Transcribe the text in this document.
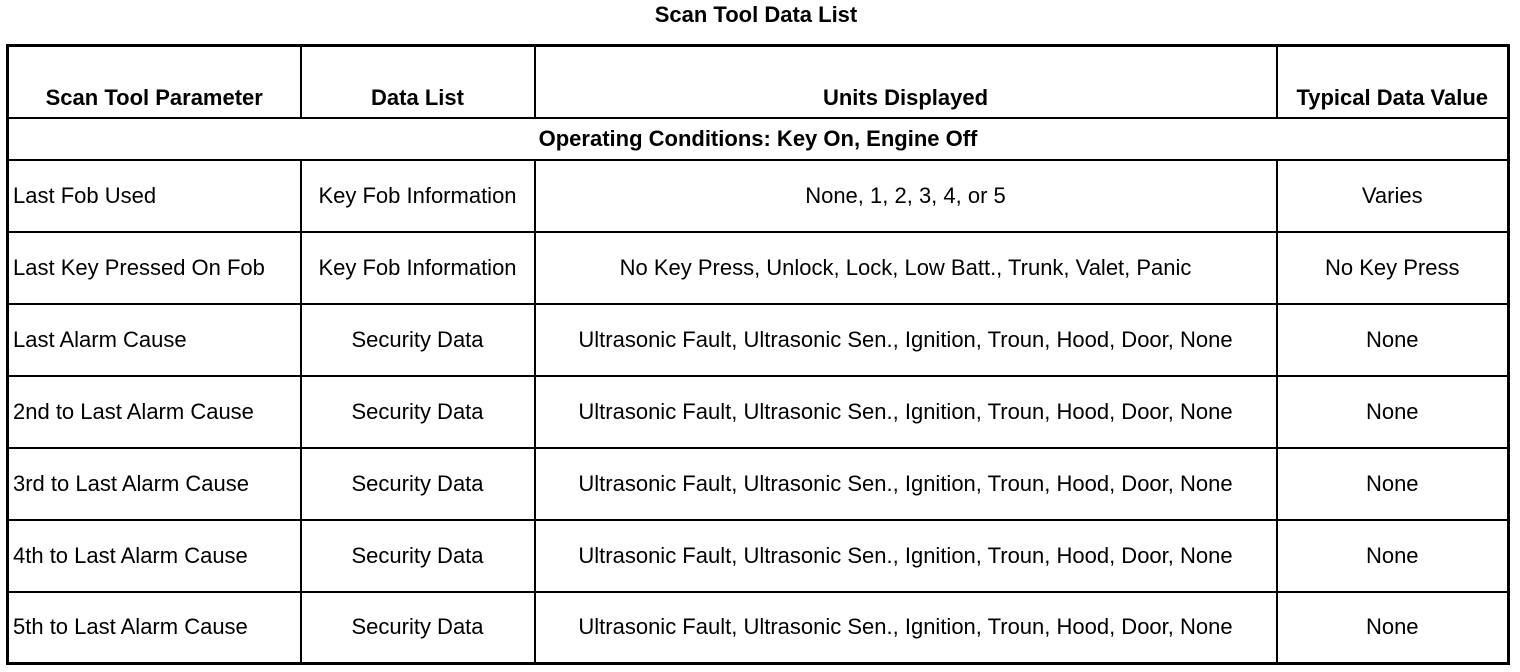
Scan Tool Data List
Scan Tool Parameter	Data List	Units Displayed	Typical Data Value
Operating Conditions: Key On, Engine Off			
Last Fob Used	Key Fob Information	None, 1, 2, 3, 4, or 5	Varies
Last Key Pressed On Fob	Key Fob Information	No Key Press, Unlock, Lock, Low Batt., Trunk, Valet, Panic	No Key Press
Last Alarm Cause	Security Data	Ultrasonic Fault, Ultrasonic Sen., Ignition, Troun, Hood, Door, None	None
2nd to Last Alarm Cause	Security Data	Ultrasonic Fault, Ultrasonic Sen., Ignition, Troun, Hood, Door, None	None
3rd to Last Alarm Cause	Security Data	Ultrasonic Fault, Ultrasonic Sen., Ignition, Troun, Hood, Door, None	None
4th to Last Alarm Cause	Security Data	Ultrasonic Fault, Ultrasonic Sen., Ignition, Troun, Hood, Door, None	None
5th to Last Alarm Cause	Security Data	Ultrasonic Fault, Ultrasonic Sen., Ignition, Troun, Hood, Door, None	None
